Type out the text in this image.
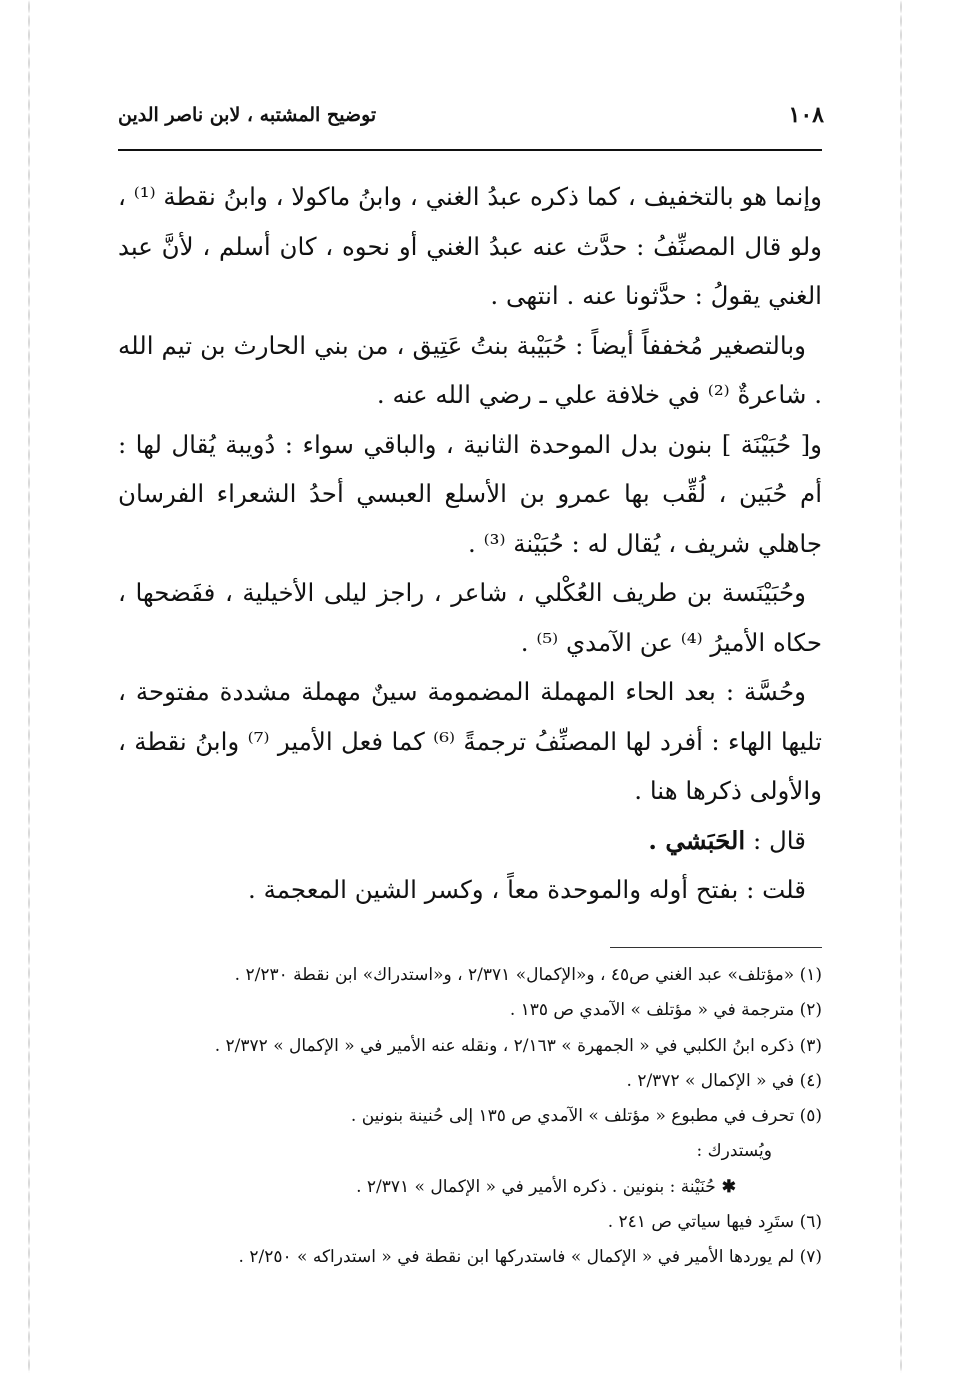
١٠٨
توضيح المشتبه ، لابن ناصر الدين

وإنما هو بالتخفيف ، كما ذكره عبدُ الغني ، وابنُ ماكولا ، وابنُ نقطة ⁽¹⁾ ، ولو قال المصنِّفُ : حدَّث عنه عبدُ الغني أو نحوه ، كان أسلم ، لأنَّ عبد الغني يقولُ : حدَّثونا عنه . انتهى .

وبالتصغير مُخففاً أيضاً : حُبَيْبة بنتُ عَتِيق ، من بني الحارث بن تيم الله . شاعرةٌ ⁽²⁾ في خلافة علي ـ رضي الله عنه .

و[ حُبَيْنَة ] بنون بدل الموحدة الثانية ، والباقي سواء : دُويبة يُقال لها : أم حُبَين ، لُقِّب بها عمرو بن الأسلع العبسي أحدُ الشعراء الفرسان جاهلي شريف ، يُقال له : حُبَيْنة ⁽³⁾ .

وحُبَيْنَسة بن طريف العُكْلي ، شاعر ، راجز ليلى الأخيلية ، ففَضحها ، حكاه الأميرُ ⁽⁴⁾ عن الآمدي ⁽⁵⁾ .

وحُسَّة : بعد الحاء المهملة المضمومة سينٌ مهملة مشددة مفتوحة ، تليها الهاء : أفرد لها المصنِّفُ ترجمةً ⁽⁶⁾ كما فعل الأمير ⁽⁷⁾ وابنُ نقطة ، والأولى ذكرها هنا .

قال : الحَبَشي .

قلت : بفتح أوله والموحدة معاً ، وكسر الشين المعجمة .

(١) «مؤتلف» عبد الغني ص٤٥ ، و«الإكمال» ٢/٣٧١ ، و«استدراك» ابن نقطة ٢/٢٣٠ .

(٢) مترجمة في « مؤتلف » الآمدي ص ١٣٥ .

(٣) ذكره ابنُ الكلبي في « الجمهرة » ٢/١٦٣ ، ونقله عنه الأمير في « الإكمال » ٢/٣٧٢ .

(٤) في « الإكمال » ٢/٣٧٢ .

(٥) تحرف في مطبوع « مؤتلف » الآمدي ص ١٣٥ إلى حُنينة بنونين .

ويُستدرك :

✱حُنَيْنة : بنونين . ذكره الأمير في « الإكمال » ٢/٣٧١ .

(٦) ستَرِد فيها سياتي ص ٢٤١ .

(٧) لم يوردها الأمير في « الإكمال » فاستدركها ابن نقطة في « استدراكه » ٢/٢٥٠ .
